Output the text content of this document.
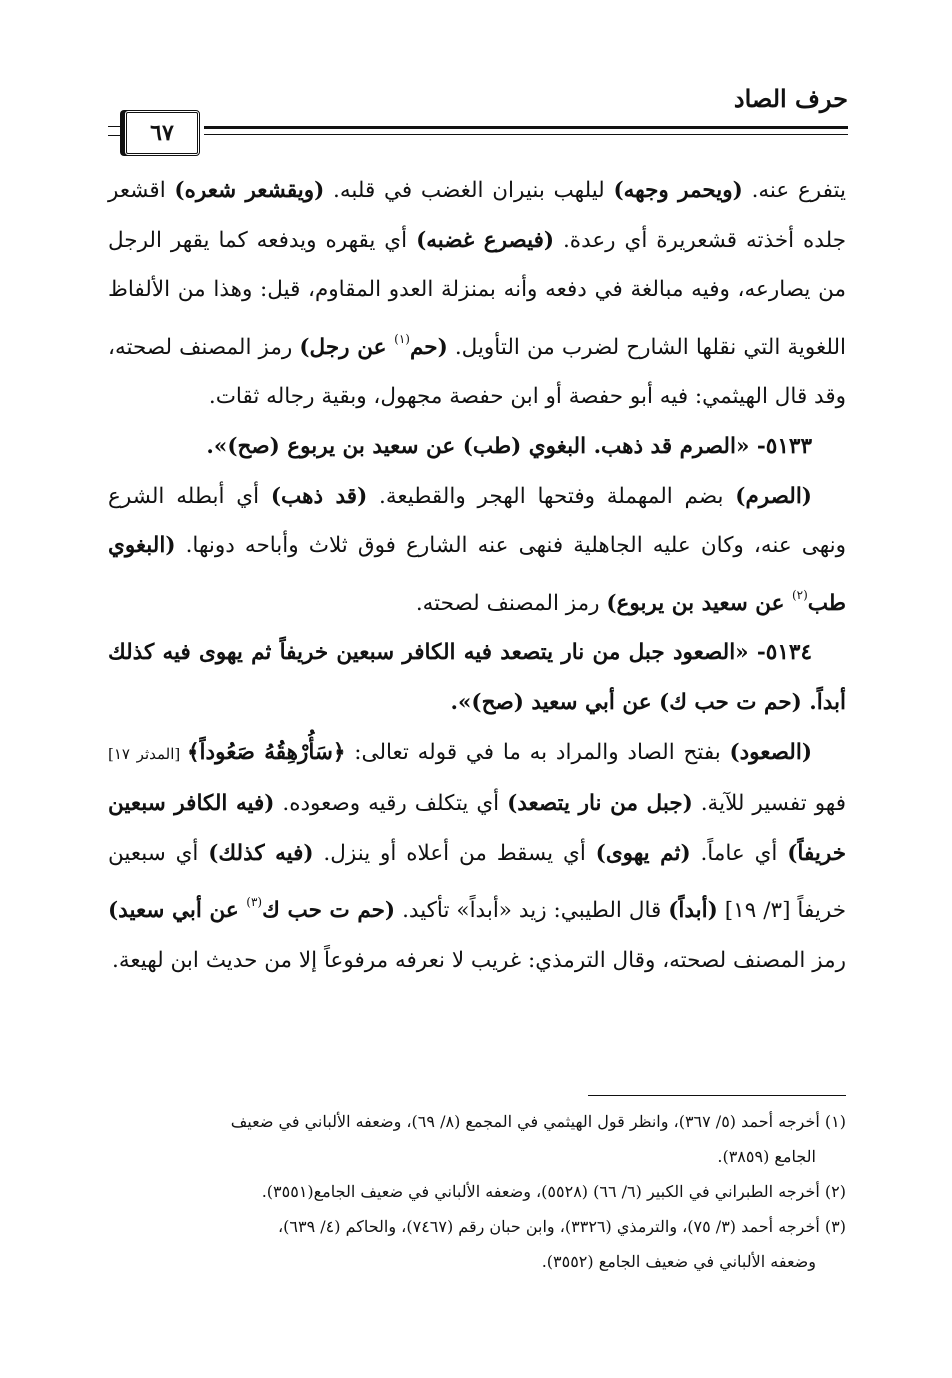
حرف الصاد
٦٧

يتفرع عنه. (ويحمر وجهه) ليلهب بنيران الغضب في قلبه. (ويقشعر شعره) اقشعر جلده أخذته قشعريرة أي رعدة. (فيصرع غضبه) أي يقهره ويدفعه كما يقهر الرجل من يصارعه، وفيه مبالغة في دفعه وأنه بمنزلة العدو المقاوم، قيل: وهذا من الألفاظ اللغوية التي نقلها الشارح لضرب من التأويل. (حم$^{(١)}$ عن رجل) رمز المصنف لصحته، وقد قال الهيثمي: فيه أبو حفصة أو ابن حفصة مجهول، وبقية رجاله ثقات.

٥١٣٣- «الصرم قد ذهب. البغوي (طب) عن سعيد بن يربوع (صح)».

(الصرم) بضم المهملة وفتحها الهجر والقطيعة. (قد ذهب) أي أبطله الشرع ونهى عنه، وكان عليه الجاهلية فنهى عنه الشارع فوق ثلاث وأباحه دونها. (البغوي طب$^{(٢)}$ عن سعيد بن يربوع) رمز المصنف لصحته.

٥١٣٤- «الصعود جبل من نار يتصعد فيه الكافر سبعين خريفاً ثم يهوى فيه كذلك أبداً. (حم ت حب ك) عن أبي سعيد (صح)».

(الصعود) بفتح الصاد والمراد به ما في قوله تعالى: ﴿سَأُرْهِقُهُ صَعُوداً﴾ [المدثر ١٧] فهو تفسير للآية. (جبل من نار يتصعد) أي يتكلف رقيه وصعوده. (فيه الكافر سبعين خريفاً) أي عاماً. (ثم يهوى) أي يسقط من أعلاه أو ينزل. (فيه كذلك) أي سبعين خريفاً [٣/ ١٩] (أبداً) قال الطيبي: زيد «أبداً» تأكيد. (حم ت حب ك$^{(٣)}$ عن أبي سعيد) رمز المصنف لصحته، وقال الترمذي: غريب لا نعرفه مرفوعاً إلا من حديث ابن لهيعة.

(١) أخرجه أحمد (٥/ ٣٦٧)، وانظر قول الهيثمي في المجمع (٨/ ٦٩)، وضعفه الألباني في ضعيف

الجامع (٣٨٥٩).

(٢) أخرجه الطبراني في الكبير (٦/ ٦٦) (٥٥٢٨)، وضعفه الألباني في ضعيف الجامع(٣٥٥١).

(٣) أخرجه أحمد (٣/ ٧٥)، والترمذي (٣٣٢٦)، وابن حبان رقم (٧٤٦٧)، والحاكم (٤/ ٦٣٩)،

وضعفه الألباني في ضعيف الجامع (٣٥٥٢).
